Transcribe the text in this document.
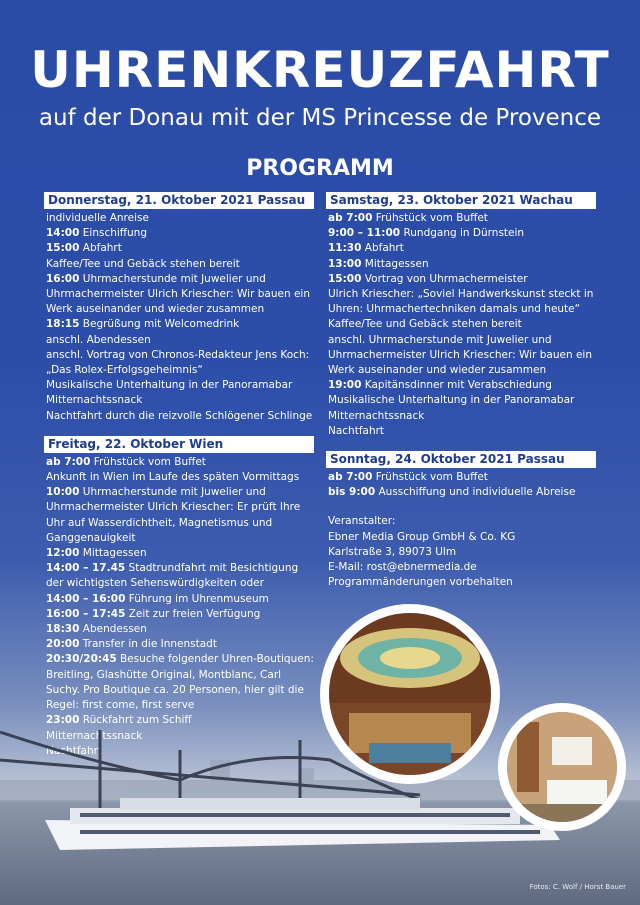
UHRENKREUZFAHRT
auf der Donau mit der MS Princesse de Provence
PROGRAMM
Donnerstag, 21. Oktober 2021 Passau
individuelle Anreise
14:00 Einschiffung
15:00 Abfahrt
Kaffee/Tee und Gebäck stehen bereit
16:00 Uhrmacherstunde mit Juwelier und Uhrmachermeister Ulrich Kriescher: Wir bauen ein Werk auseinander und wieder zusammen
18:15 Begrüßung mit Welcomedrink
anschl. Abendessen
anschl. Vortrag von Chronos-Redakteur Jens Koch:
„Das Rolex-Erfolgsgeheimnis“
Musikalische Unterhaltung in der Panoramabar
Mitternachtssnack
Nachtfahrt durch die reizvolle Schlögener Schlinge
Freitag, 22. Oktober Wien
ab 7:00 Frühstück vom Buffet
Ankunft in Wien im Laufe des späten Vormittags
10:00 Uhrmacherstunde mit Juwelier und Uhrmachermeister Ulrich Kriescher: Er prüft Ihre Uhr auf Wasserdichtheit, Magnetismus und Ganggenauigkeit
12:00 Mittagessen
14:00 – 17.45 Stadtrundfahrt mit Besichtigung der wichtigsten Sehenswürdigkeiten oder
14:00 – 16:00 Führung im Uhrenmuseum
16:00 – 17:45 Zeit zur freien Verfügung
18:30 Abendessen
20:00 Transfer in die Innenstadt
20:30/20:45 Besuche folgender Uhren-Boutiquen: Breitling, Glashütte Original, Montblanc, Carl Suchy. Pro Boutique ca. 20 Personen, hier gilt die Regel: first come, first serve
23:00 Rückfahrt zum Schiff
Mitternachtssnack
Nachtfahrt
Samstag, 23. Oktober 2021 Wachau
ab 7:00 Frühstück vom Buffet
9:00 – 11:00 Rundgang in Dürnstein
11:30 Abfahrt
13:00 Mittagessen
15:00 Vortrag von Uhrmachermeister
Ulrich Kriescher: „Soviel Handwerkskunst steckt in Uhren: Uhrmachertechniken damals und heute“
Kaffee/Tee und Gebäck stehen bereit
anschl. Uhrmacherstunde mit Juwelier und Uhrmachermeister Ulrich Kriescher: Wir bauen ein Werk auseinander und wieder zusammen
19:00 Kapitänsdinner mit Verabschiedung
Musikalische Unterhaltung in der Panoramabar
Mitternachtssnack
Nachtfahrt
Sonntag, 24. Oktober 2021 Passau
ab 7:00 Frühstück vom Buffet
bis 9:00 Ausschiffung und individuelle Abreise
Veranstalter:
Ebner Media Group GmbH & Co. KG
Karlstraße 3, 89073 Ulm
E-Mail: rost@ebnermedia.de
Programmänderungen vorbehalten
Fotos: C. Wolf / Horst Bauer
